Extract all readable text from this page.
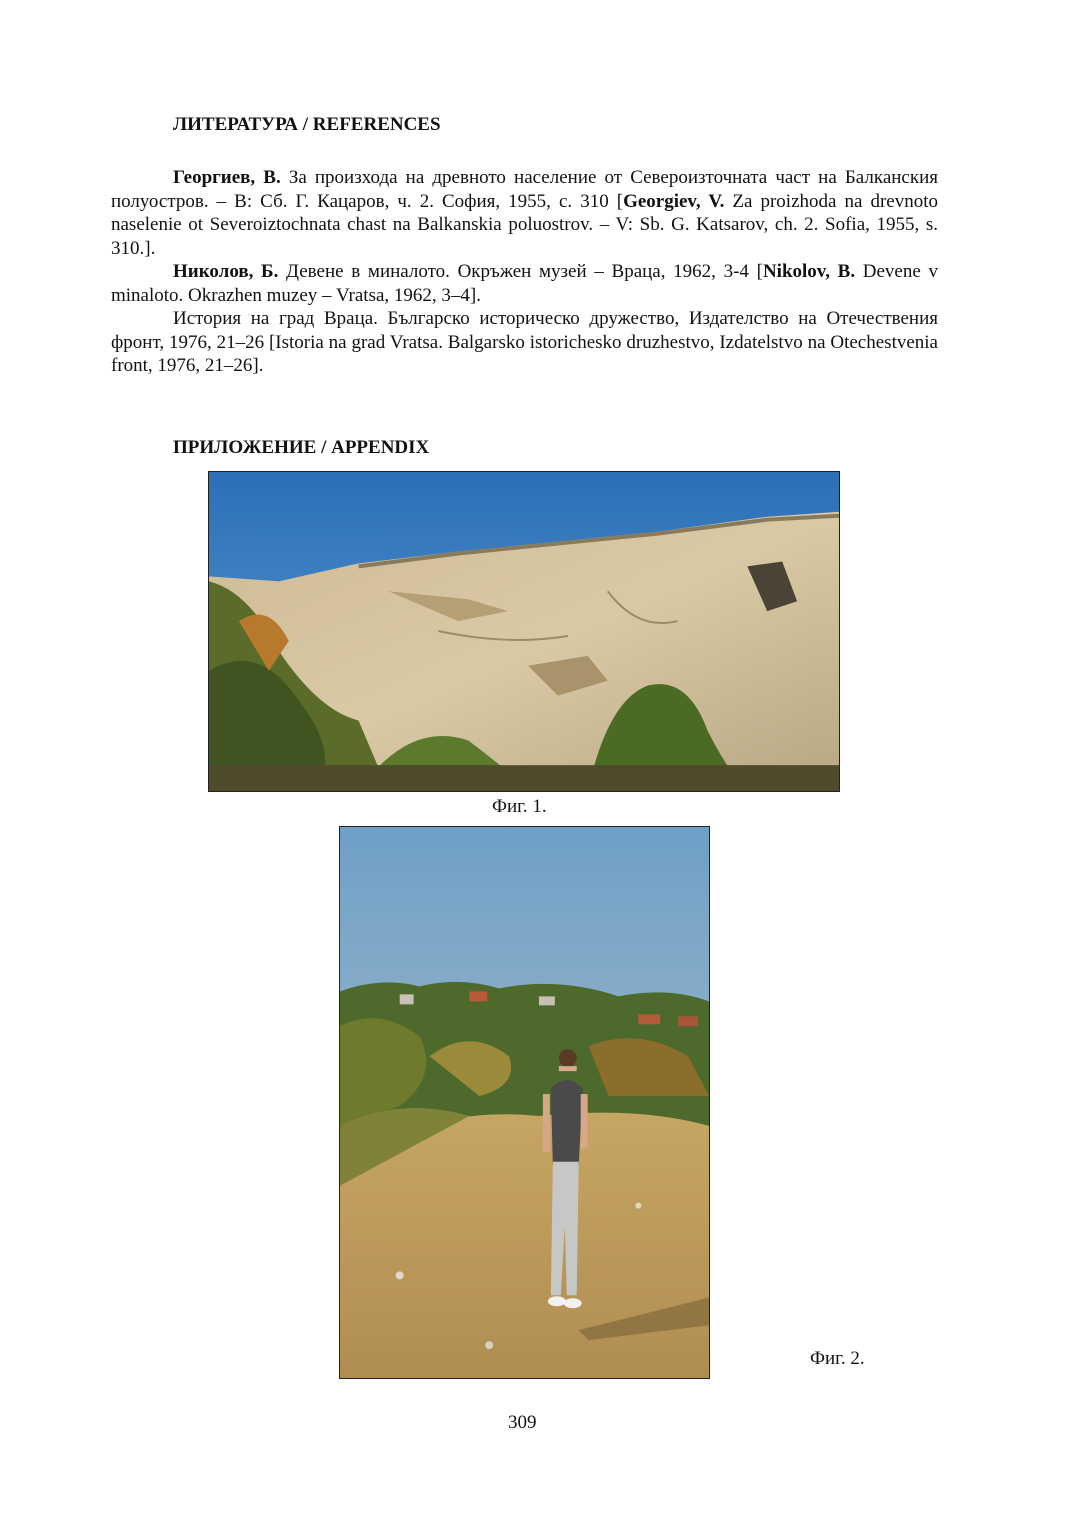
ЛИТЕРАТУРА / REFERENCES

Георгиев, В. За произхода на древното население от Североизточната част на Балканския полуостров. – В: Сб. Г. Кацаров, ч. 2. София, 1955, с. 310 [Georgiev, V. Za proizhoda na drevnoto naselenie ot Severoiztochnata chast na Balkanskia poluostrov. – V: Sb. G. Katsarov, ch. 2. Sofia, 1955, s. 310.].

Николов, Б. Девене в миналото. Окръжен музей – Враца, 1962, 3-4 [Nikolov, B. Devene v minaloto. Okrazhen muzey – Vratsa, 1962, 3–4].

История на град Враца. Българско историческо дружество, Издателство на Отечествения фронт, 1976, 21–26 [Istoria na grad Vratsa. Balgarsko istorichesko druzhestvo, Izdatelstvo na Otechestvenia front, 1976, 21–26].

ПРИЛОЖЕНИЕ / APPENDIX

Фиг. 1.

Фиг. 2.

309
